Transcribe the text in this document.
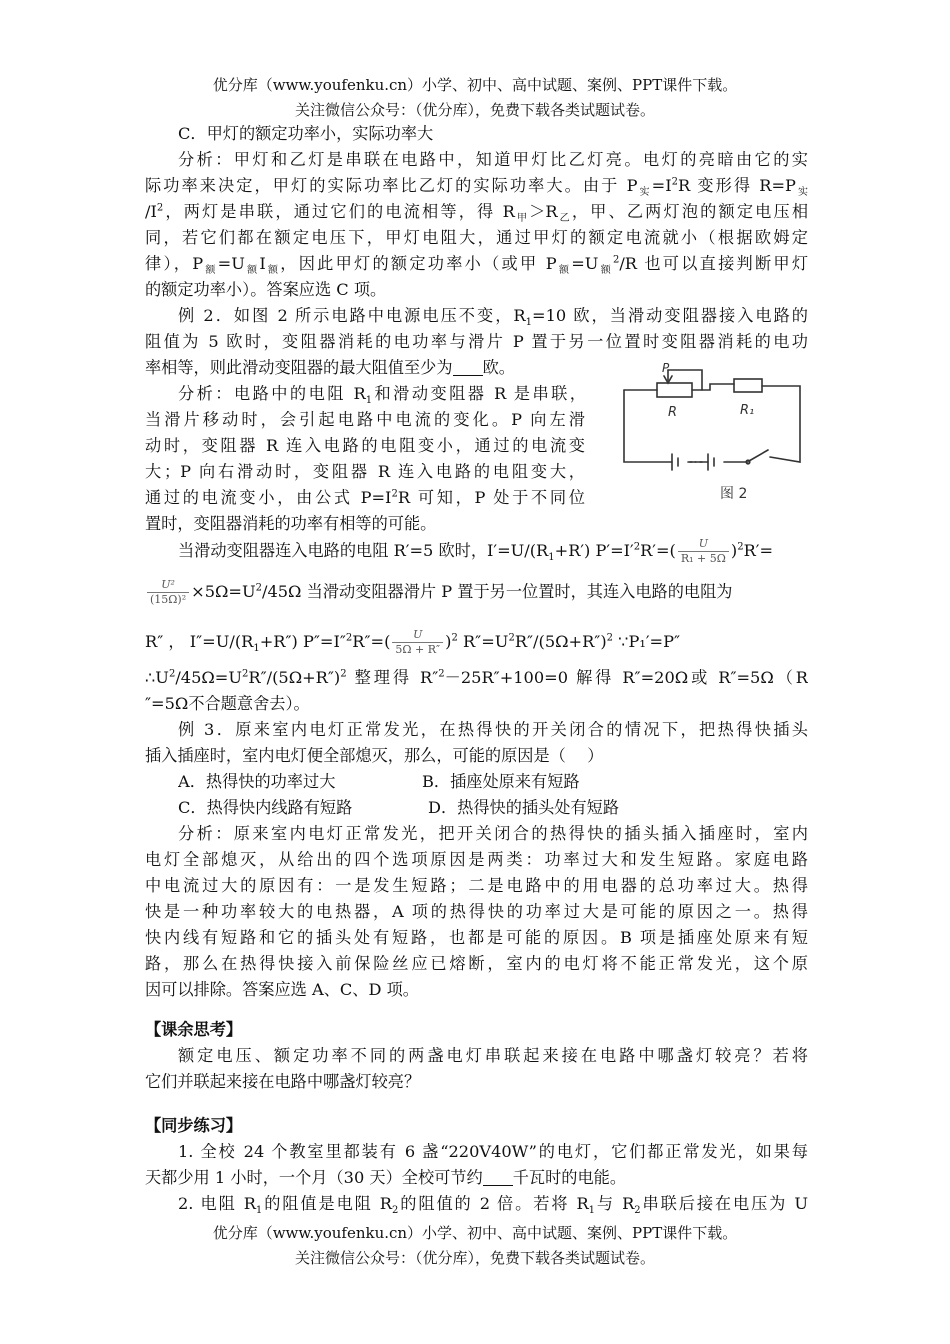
优分库（www.youfenku.cn）小学、初中、高中试题、案例、PPT课件下载。
关注微信公众号：（优分库），免费下载各类试题试卷。
C．甲灯的额定功率小，实际功率大
分析：甲灯和乙灯是串联在电路中，知道甲灯比乙灯亮。电灯的亮暗由它的实
际功率来决定，甲灯的实际功率比乙灯的实际功率大。由于 $P_实=I^2R$ 变形得 $R=P_实$
$/I^2$，两灯是串联，通过它们的电流相等，得 $R_甲>R_乙$，甲、乙两灯泡的额定电压相
同，若它们都在额定电压下，甲灯电阻大，通过甲灯的额定电流就小（根据欧姆定
律），$P_额=U_额I_额$，因此甲灯的额定功率小（或甲 $P_额=U_额^2/R$ 也可以直接判断甲灯
的额定功率小）。答案应选 C 项。
例 2．如图 2 所示电路中电源电压不变，$R_1=10$ 欧，当滑动变阻器接入电路的
阻值为 5 欧时，变阻器消耗的电功率与滑片 P 置于另一位置时变阻器消耗的电功
率相等，则此滑动变阻器的最大阻值至少为 欧。
分析：电路中的电阻 $R_1$和滑动变阻器 R 是串联，
当滑片移动时，会引起电路中电流的变化。P 向左滑
动时，变阻器 R 连入电路的电阻变小，通过的电流变
大；P 向右滑动时，变阻器 R 连入电路的电阻变大，
通过的电流变小，由公式 $P=I^2R$ 可知，P 处于不同位
置时，变阻器消耗的功率有相等的可能。
P
R	R₁
图 2
当滑动变阻器连入电路的电阻 R′=5 欧时，$I'=U/(R_1+R')$ $P'=I'^2R'=( \frac{U}{\text{R₁ + 5Ω}} )^2R'=$
$\frac{\text{U²}}{\text{(15Ω)²}} \times 5\Omega=U^2/45\Omega$ 当滑动变阻器滑片 P 置于另一位置时，其连入电路的电阻为
R″ ， $I''=U/(R_1+R'')$ $P''=I''^2R''=( \frac{U}{5\Omega + R''} )^2$ $R''=U^2R''/(5\Omega+R'')^2$ ∵P₁′=P″
$\therefore U^2/45\Omega=U^2R''/(5\Omega+R'')^2$ 整理得 R″$^2$－25R″+100=0 解得 R″=20Ω或 R″=5Ω（R
″=5Ω不合题意舍去）。
例 3．原来室内电灯正常发光，在热得快的开关闭合的情况下，把热得快插头
插入插座时，室内电灯便全部熄灭，那么，可能的原因是（　 ）
A．热得快的功率过大	B．插座处原来有短路
C．热得快内线路有短路	D．热得快的插头处有短路
分析：原来室内电灯正常发光，把开关闭合的热得快的插头插入插座时，室内
电灯全部熄灭，从给出的四个选项原因是两类：功率过大和发生短路。家庭电路
中电流过大的原因有：一是发生短路；二是电路中的用电器的总功率过大。热得
快是一种功率较大的电热器，A 项的热得快的功率过大是可能的原因之一。热得
快内线有短路和它的插头处有短路，也都是可能的原因。B 项是插座处原来有短
路，那么在热得快接入前保险丝应已熔断，室内的电灯将不能正常发光，这个原
因可以排除。答案应选 A、C、D 项。
【课余思考】
额定电压、额定功率不同的两盏电灯串联起来接在电路中哪盏灯较亮？若将
它们并联起来接在电路中哪盏灯较亮？
【同步练习】
1. 全校 24 个教室里都装有 6 盏“220V40W”的电灯，它们都正常发光，如果每
天都少用 1 小时，一个月（30 天）全校可节约 千瓦时的电能。
2. 电阻 $R_1$的阻值是电阻 $R_2$的阻值的 2 倍。若将 $R_1$与 $R_2$串联后接在电压为 U
优分库（www.youfenku.cn）小学、初中、高中试题、案例、PPT课件下载。
关注微信公众号：（优分库），免费下载各类试题试卷。
